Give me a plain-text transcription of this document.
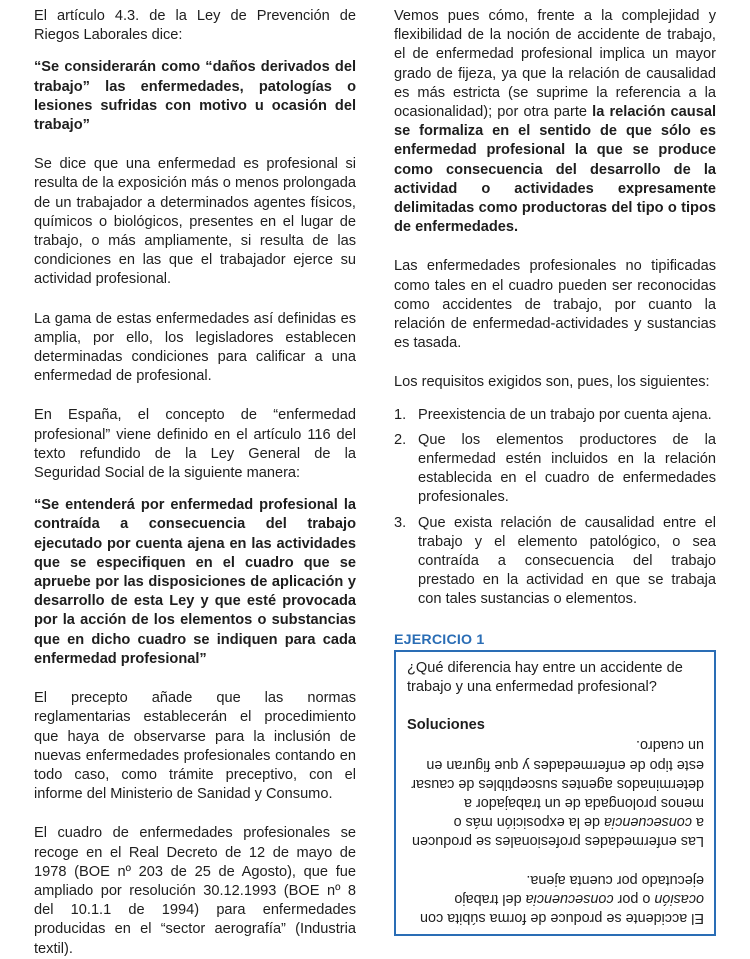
El artículo 4.3. de la Ley de Prevención de Riegos Laborales dice:

“Se considerarán como “daños derivados del trabajo” las enfermedades, patologías o lesiones sufridas con motivo u ocasión del trabajo”

Se dice que una enfermedad es profesional si resulta de la exposición más o menos prolongada de un trabajador a determinados agentes físicos, químicos o biológicos, presentes en el lugar de trabajo, o más ampliamente, si resulta de las condiciones en las que el trabajador ejerce su actividad profesional.

La gama de estas enfermedades así definidas es amplia, por ello, los legisladores establecen determinadas condiciones para calificar a una enfermedad de profesional.

En España, el concepto de “enfermedad profesional” viene definido en el artículo 116 del texto refundido de la Ley General de la Seguridad Social de la siguiente manera:

“Se entenderá por enfermedad profesional la contraída a consecuencia del trabajo ejecutado por cuenta ajena en las actividades que se especifiquen en el cuadro que se apruebe por las disposiciones de aplicación y desarrollo de esta Ley y que esté provocada por la acción de los elementos o substancias que en dicho cuadro se indiquen para cada enfermedad profesional”

El precepto añade que las normas reglamentarias establecerán el procedimiento que haya de observarse para la inclusión de nuevas enfermedades profesionales contando en todo caso, como trámite preceptivo, con el informe del Ministerio de Sanidad y Consumo.

El cuadro de enfermedades profesionales se recoge en el Real Decreto de 12 de mayo de 1978 (BOE nº 203 de 25 de Agosto), que fue ampliado por resolución 30.12.1993 (BOE nº 8 del 10.1.1 de 1994) para enfermedades producidas en el “sector aerografía” (Industria textil).

Vemos pues cómo, frente a la complejidad y flexibilidad de la noción de accidente de trabajo, el de enfermedad profesional implica un mayor grado de fijeza, ya que la relación de causalidad es más estricta (se suprime la referencia a la ocasionalidad); por otra parte la relación causal se formaliza en el sentido de que sólo es enfermedad profesional la que se produce como consecuencia del desarrollo de la actividad o actividades expresamente delimitadas como productoras del tipo o tipos de enfermedades.

Las enfermedades profesionales no tipificadas como tales en el cuadro pueden ser reconocidas como accidentes de trabajo, por cuanto la relación de enfermedad-actividades y sustancias es tasada.

Los requisitos exigidos son, pues, los siguientes:

1. Preexistencia de un trabajo por cuenta ajena.
2. Que los elementos productores de la enfermedad estén incluidos en la relación establecida en el cuadro de enfermedades profesionales.
3. Que exista relación de causalidad entre el trabajo y el elemento patológico, o sea contraída a consecuencia del trabajo prestado en la actividad en que se trabaja con tales sustancias o elementos.
EJERCICIO 1

¿Qué diferencia hay entre un accidente de trabajo y una enfermedad profesional?

Soluciones

El accidente se produce de forma súbita con ocasión o por consecuencia del trabajo ejecutado por cuenta ajena.

Las enfermedades profesionales se producen a consecuencia de la exposición más o menos prolongada de un trabajador a determinados agentes susceptibles de causar este tipo de enfermedades y que figuran en un cuadro.
